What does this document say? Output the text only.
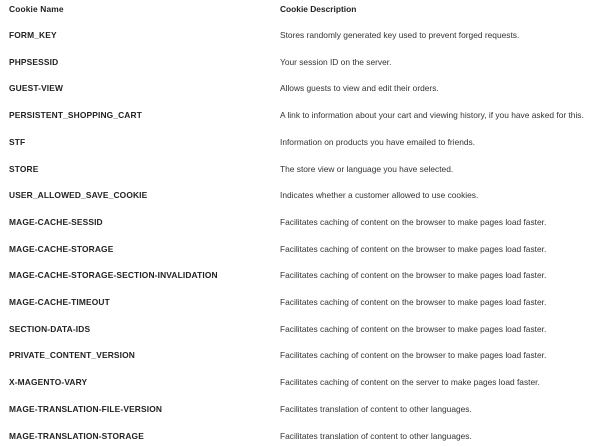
Cookie Name	Cookie Description
FORM_KEY	Stores randomly generated key used to prevent forged requests.
PHPSESSID	Your session ID on the server.
GUEST-VIEW	Allows guests to view and edit their orders.
PERSISTENT_SHOPPING_CART	A link to information about your cart and viewing history, if you have asked for this.
STF	Information on products you have emailed to friends.
STORE	The store view or language you have selected.
USER_ALLOWED_SAVE_COOKIE	Indicates whether a customer allowed to use cookies.
MAGE-CACHE-SESSID	Facilitates caching of content on the browser to make pages load faster.
MAGE-CACHE-STORAGE	Facilitates caching of content on the browser to make pages load faster.
MAGE-CACHE-STORAGE-SECTION-INVALIDATION	Facilitates caching of content on the browser to make pages load faster.
MAGE-CACHE-TIMEOUT	Facilitates caching of content on the browser to make pages load faster.
SECTION-DATA-IDS	Facilitates caching of content on the browser to make pages load faster.
PRIVATE_CONTENT_VERSION	Facilitates caching of content on the browser to make pages load faster.
X-MAGENTO-VARY	Facilitates caching of content on the server to make pages load faster.
MAGE-TRANSLATION-FILE-VERSION	Facilitates translation of content to other languages.
MAGE-TRANSLATION-STORAGE	Facilitates translation of content to other languages.
